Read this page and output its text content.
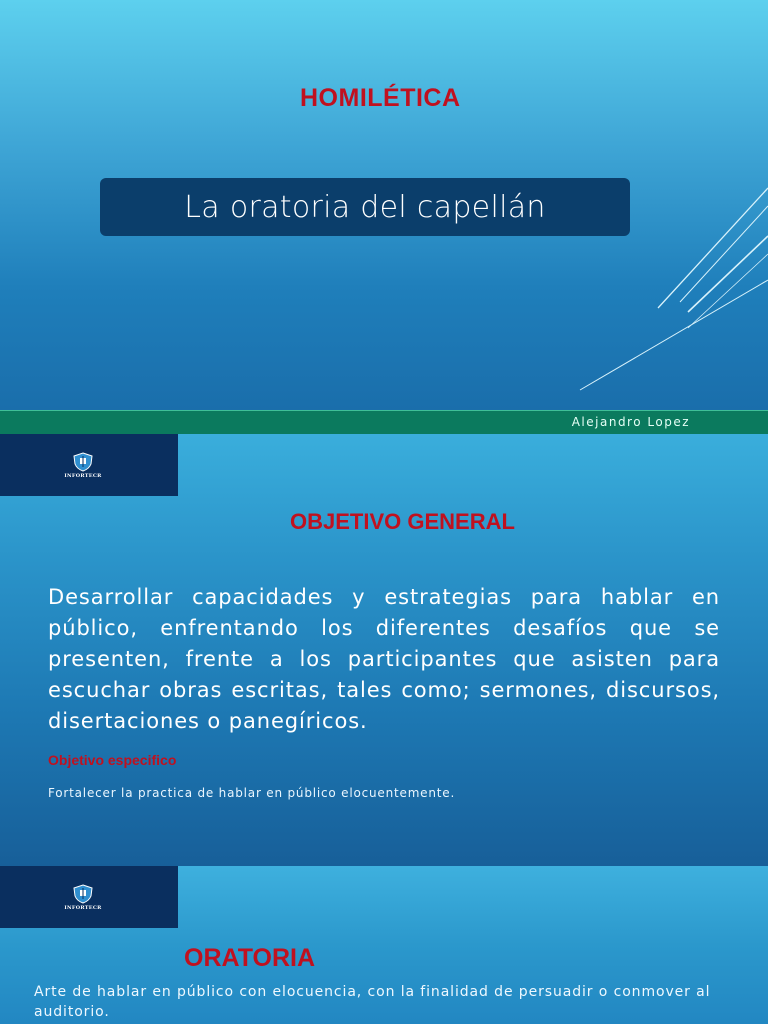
HOMILÉTICA
La oratoria del capellán
Alejandro Lopez
INFORTECR
OBJETIVO GENERAL
Desarrollar capacidades y estrategias para hablar en público, enfrentando los diferentes desafíos que se presenten, frente a los participantes que asisten para escuchar obras escritas, tales como; sermones, discursos, disertaciones o panegíricos.
Objetivo especifico
Fortalecer la practica de hablar en público elocuentemente.
INFORTECR
ORATORIA
Arte de hablar en público con elocuencia, con la finalidad de persuadir o conmover al auditorio.
